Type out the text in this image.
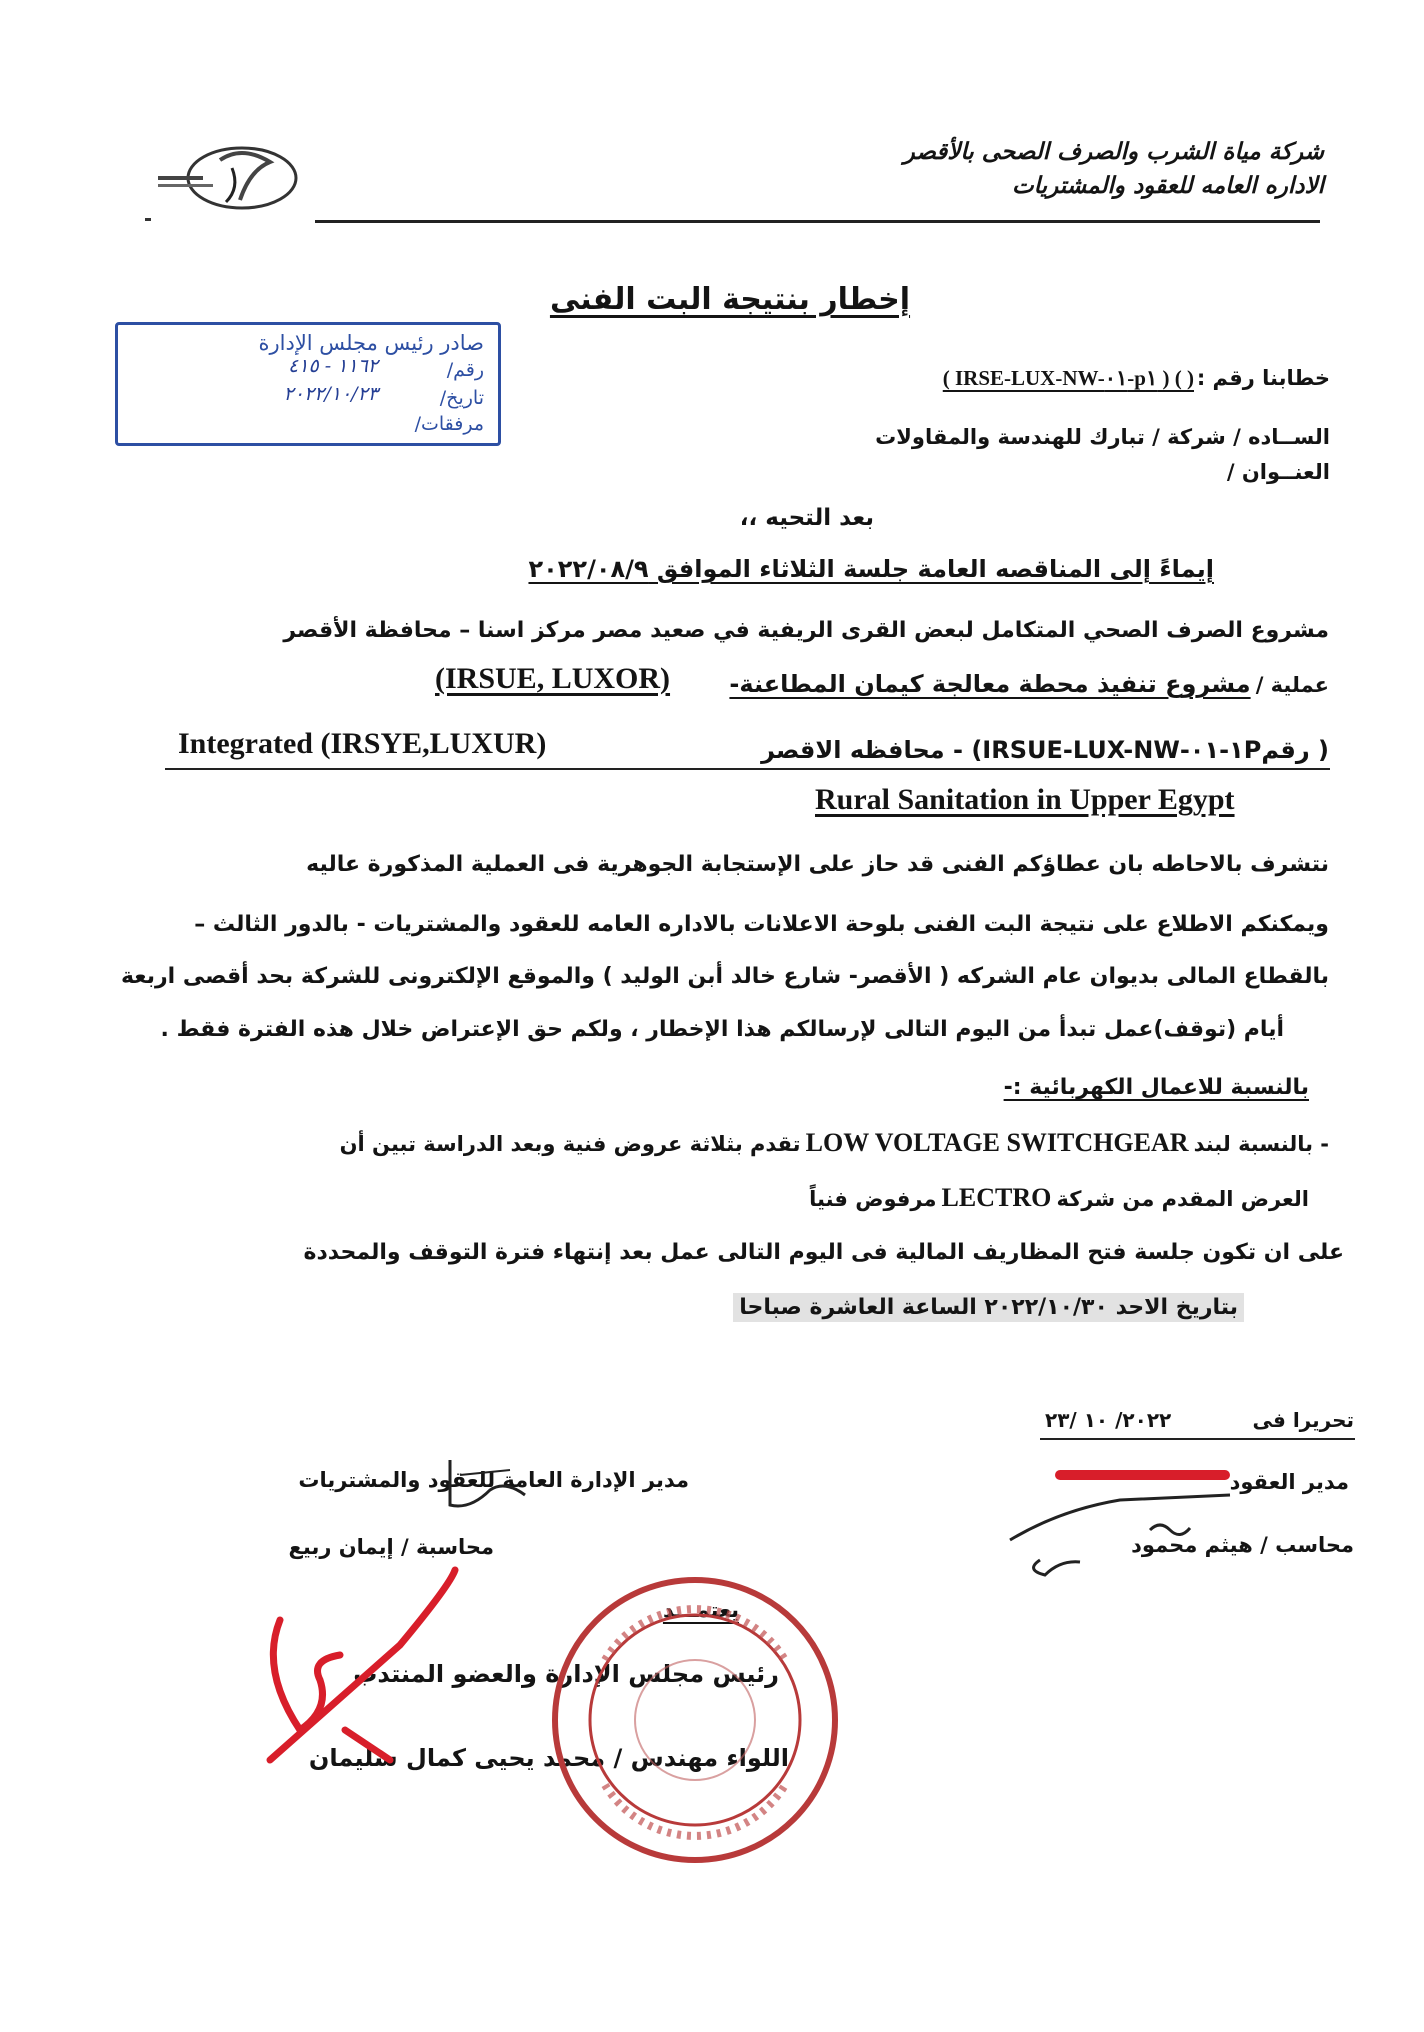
شركة مياة الشرب والصرف الصحى بالأقصر
الاداره العامه للعقود والمشتريات
إخطار بنتيجة البت الفنى
صادر رئيس مجلس الإدارة
رقم/
١١٦٢ - ٤١٥
تاريخ/
٢٠٢٢/١٠/٢٣
مرفقات/
خطابنا رقم :
( IRSE-LUX-NW-٠١-p١ ) ( )
الســاده / شركة / تبارك للهندسة والمقاولات
العنــوان /
بعد التحيه ،،
إيماءً إلى المناقصه العامة جلسة الثلاثاء الموافق ٢٠٢٢/٠٨/٩
مشروع الصرف الصحي المتكامل لبعض القرى الريفية في صعيد مصر مركز اسنا – محافظة الأقصر
عملية / مشروع تنفيذ محطة معالجة كيمان المطاعنة-
(IRSUE, LUXOR)
( رقم١P-٠١-IRSUE-LUX-NW) - محافظه الاقصر
Integrated (IRSYE,LUXUR)
Rural Sanitation in Upper Egypt
نتشرف بالاحاطه بان عطاؤكم الفنى قد حاز على الإستجابة الجوهرية فى العملية المذكورة عاليه
ويمكنكم الاطلاع على نتيجة البت الفنى بلوحة الاعلانات بالاداره العامه للعقود والمشتريات - بالدور الثالث –
بالقطاع المالى بديوان عام الشركه ( الأقصر- شارع خالد أبن الوليد ) والموقع الإلكترونى للشركة بحد أقصى اربعة
أيام (توقف)عمل تبدأ من اليوم التالى لإرسالكم هذا الإخطار ، ولكم حق الإعتراض خلال هذه الفترة فقط .
بالنسبة للاعمال الكهربائية :-
- بالنسبة لبند LOW VOLTAGE SWITCHGEAR تقدم بثلاثة عروض فنية وبعد الدراسة تبين أن
العرض المقدم من شركة LECTRO مرفوض فنياً
على ان تكون جلسة فتح المظاريف المالية فى اليوم التالى عمل بعد إنتهاء فترة التوقف والمحددة
بتاريخ الاحد ٢٠٢٢/١٠/٣٠ الساعة العاشرة صباحا
تحريرا فى
٢٠٢٢/ ١٠ /٢٣
مدير العقود
محاسب / هيثم محمود
مدير الإدارة العامة للعقود والمشتريات
محاسبة / إيمان ربيع
يعتمـــد
رئيس مجلس الإدارة والعضو المنتدب
اللواء مهندس / محمد يحيى كمال سليمان
